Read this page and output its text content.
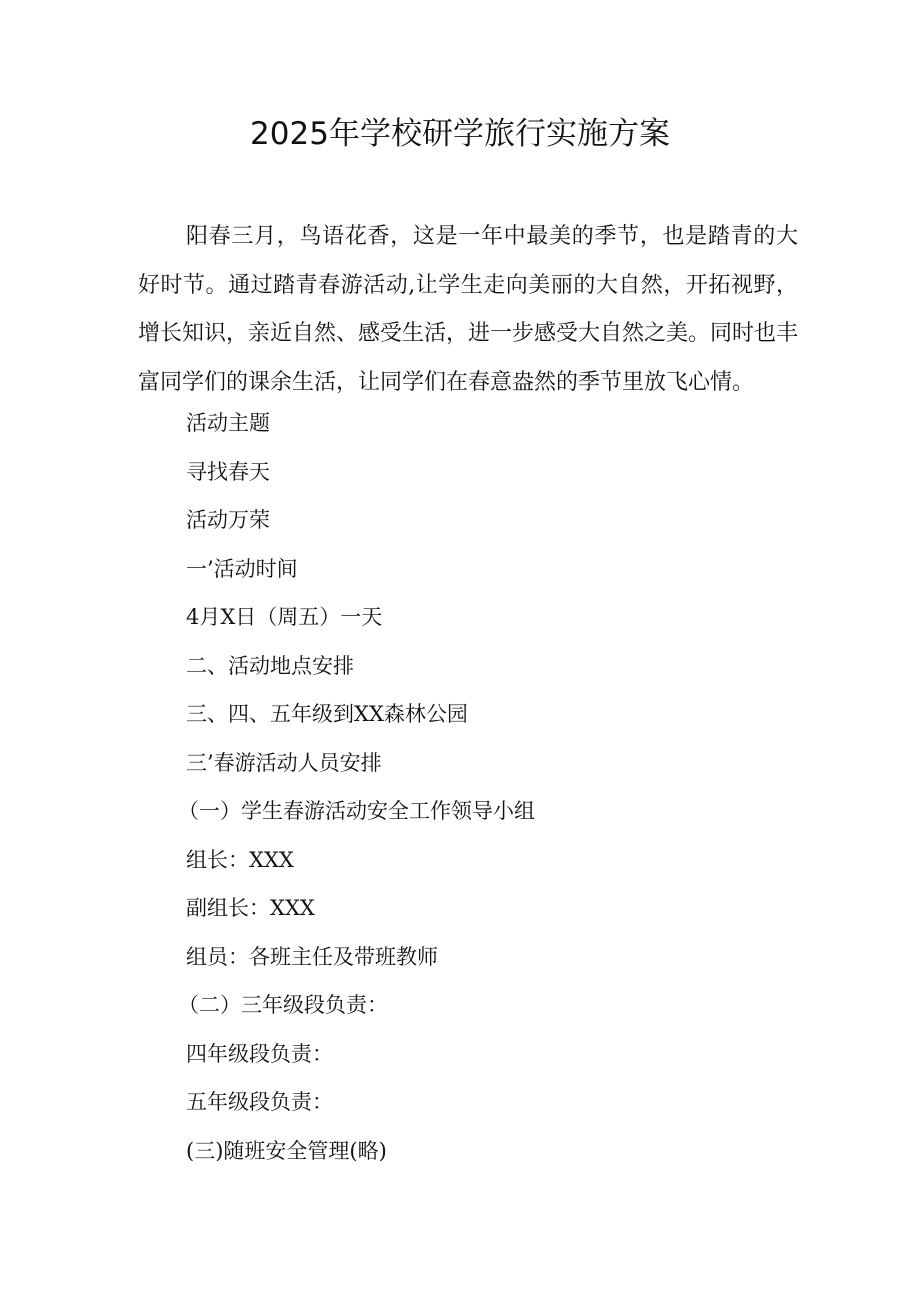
2025年学校研学旅行实施方案

阳春三月，鸟语花香，这是一年中最美的季节，也是踏青的大好时节。通过踏青春游活动,让学生走向美丽的大自然，开拓视野，增长知识，亲近自然、感受生活，进一步感受大自然之美。同时也丰富同学们的课余生活，让同学们在春意盎然的季节里放飞心情。

活动主题
寻找春天
活动万荣
一’活动时间
4月X日（周五）一天
二、活动地点安排
三、四、五年级到XX森林公园
三’春游活动人员安排
（一）学生春游活动安全工作领导小组
组长：XXX
副组长：XXX
组员：各班主任及带班教师
（二）三年级段负责：
四年级段负责：
五年级段负责：
(三)随班安全管理(略)
